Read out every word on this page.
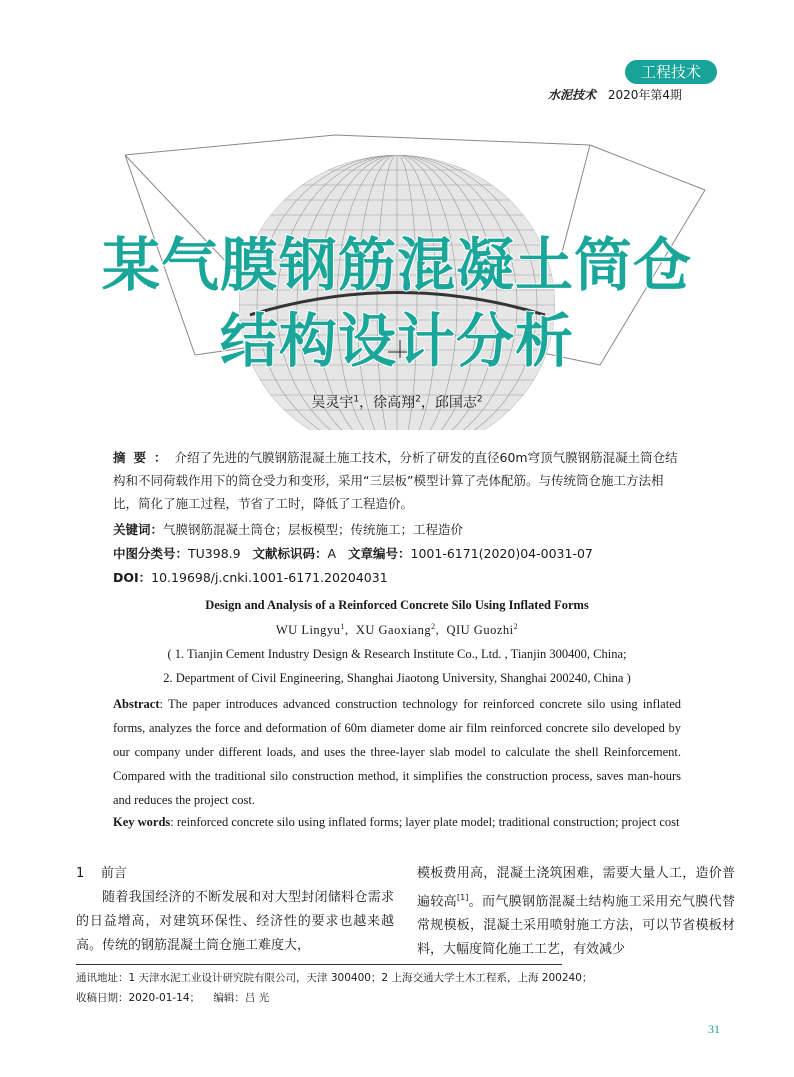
工程技术
水泥技术 2020年第4期
某气膜钢筋混凝土筒仓
结构设计分析
吴灵宇$^1$，徐高翔$^2$，邱国志$^2$
摘要：介绍了先进的气膜钢筋混凝土施工技术，分析了研发的直径60m穹顶气膜钢筋混凝土筒仓结构和不同荷载作用下的筒仓受力和变形，采用“三层板”模型计算了壳体配筋。与传统筒仓施工方法相比，简化了施工过程，节省了工时，降低了工程造价。
关键词：气膜钢筋混凝土筒仓；层板模型；传统施工；工程造价
中图分类号：TU398.9 文献标识码：A 文章编号：1001-6171(2020)04-0031-07
DOI：10.19698/j.cnki.1001-6171.20204031
Design and Analysis of a Reinforced Concrete Silo Using Inflated Forms
WU Lingyu$^1$,  XU Gaoxiang$^2$,  QIU Guozhi$^2$
( 1. Tianjin Cement Industry Design & Research Institute Co., Ltd. , Tianjin 300400, China;
2. Department of Civil Engineering, Shanghai Jiaotong University, Shanghai 200240, China )
Abstract: The paper introduces advanced construction technology for reinforced concrete silo using inflated forms, analyzes the force and deformation of 60m diameter dome air film reinforced concrete silo developed by our company under different loads, and uses the three-layer slab model to calculate the shell Reinforcement. Compared with the traditional silo construction method, it simplifies the construction process, saves man-hours and reduces the project cost.
Key words: reinforced concrete silo using inflated forms; layer plate model; traditional construction; project cost

1 前言

随着我国经济的不断发展和对大型封闭储料仓需求的日益增高，对建筑环保性、经济性的要求也越来越高。传统的钢筋混凝土筒仓施工难度大，

模板费用高，混凝土浇筑困难，需要大量人工，造价普遍较高[1]。而气膜钢筋混凝土结构施工采用充气膜代替常规模板，混凝土采用喷射施工方法，可以节省模板材料，大幅度简化施工工艺，有效减少

通讯地址：1 天津水泥工业设计研究院有限公司，天津 300400；2 上海交通大学土木工程系，上海 200240；
收稿日期：2020-01-14； 编辑：吕 光
31
